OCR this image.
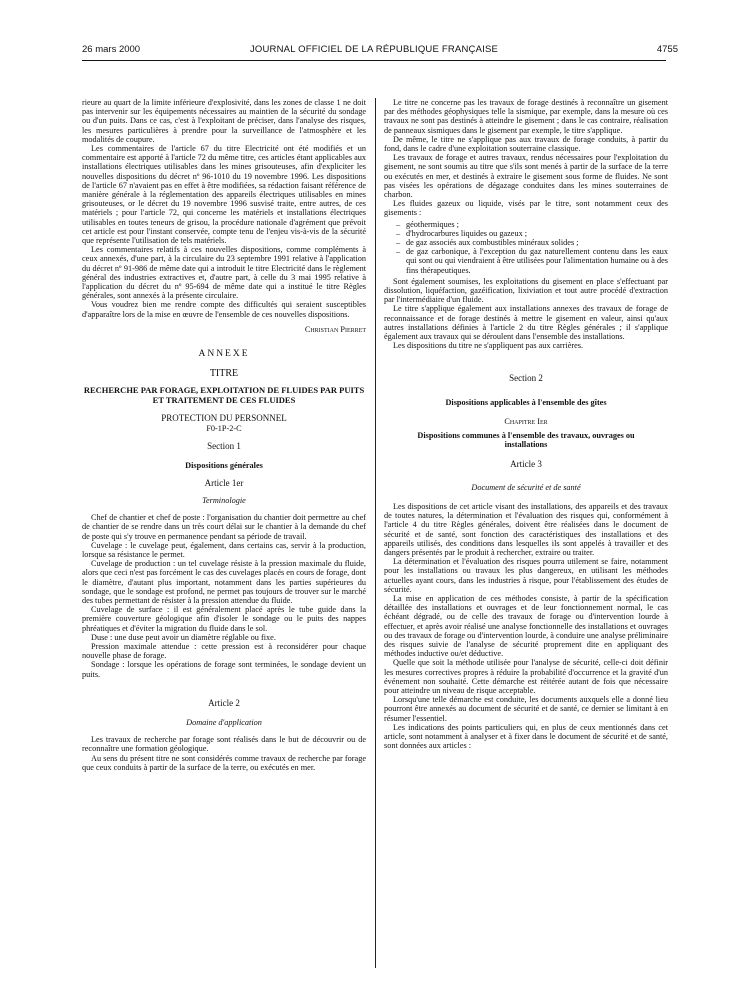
26 mars 2000	JOURNAL OFFICIEL DE LA RÉPUBLIQUE FRANÇAISE	4755

rieure au quart de la limite inférieure d'explosivité, dans les zones de classe 1 ne doit pas intervenir sur les équipements nécessaires au maintien de la sécurité du sondage ou d'un puits. Dans ce cas, c'est à l'exploitant de préciser, dans l'analyse des risques, les mesures particulières à prendre pour la surveillance de l'atmosphère et les modalités de coupure.

Les commentaires de l'article 67 du titre Electricité ont été modifiés et un commentaire est apporté à l'article 72 du même titre, ces articles étant applicables aux installations électriques utilisables dans les mines grisouteuses, afin d'expliciter les nouvelles dispositions du décret nº 96-1010 du 19 novembre 1996. Les dispositions de l'article 67 n'avaient pas en effet à être modifiées, sa rédaction faisant référence de manière générale à la réglementation des appareils électriques utilisables en mines grisouteuses, or le décret du 19 novembre 1996 susvisé traite, entre autres, de ces matériels ; pour l'article 72, qui concerne les matériels et installations électriques utilisables en toutes teneurs de grisou, la procédure nationale d'agrément que prévoit cet article est pour l'instant conservée, compte tenu de l'enjeu vis-à-vis de la sécurité que représente l'utilisation de tels matériels.

Les commentaires relatifs à ces nouvelles dispositions, comme compléments à ceux annexés, d'une part, à la circulaire du 23 septembre 1991 relative à l'application du décret nº 91-986 de même date qui a introduit le titre Electricité dans le règlement général des industries extractives et, d'autre part, à celle du 3 mai 1995 relative à l'application du décret du nº 95-694 de même date qui a institué le titre Règles générales, sont annexés à la présente circulaire.

Vous voudrez bien me rendre compte des difficultés qui seraient susceptibles d'apparaître lors de la mise en œuvre de l'ensemble de ces nouvelles dispositions.

Christian Pierret

ANNEXE

TITRE

RECHERCHE PAR FORAGE, EXPLOITATION DE FLUIDES PAR PUITS ET TRAITEMENT DE CES FLUIDES

PROTECTION DU PERSONNEL

F0-1P-2-C

Section 1

Dispositions générales

Article 1er

Terminologie

Chef de chantier et chef de poste : l'organisation du chantier doit permettre au chef de chantier de se rendre dans un très court délai sur le chantier à la demande du chef de poste qui s'y trouve en permanence pendant sa période de travail.

Cuvelage : le cuvelage peut, également, dans certains cas, servir à la production, lorsque sa résistance le permet.

Cuvelage de production : un tel cuvelage résiste à la pression maximale du fluide, alors que ceci n'est pas forcément le cas des cuvelages placés en cours de forage, dont le diamètre, d'autant plus important, notamment dans les parties supérieures du sondage, que le sondage est profond, ne permet pas toujours de trouver sur le marché des tubes permettant de résister à la pression attendue du fluide.

Cuvelage de surface : il est généralement placé après le tube guide dans la première couverture géologique afin d'isoler le sondage ou le puits des nappes phréatiques et d'éviter la migration du fluide dans le sol.

Duse : une duse peut avoir un diamètre réglable ou fixe.

Pression maximale attendue : cette pression est à reconsidérer pour chaque nouvelle phase de forage.

Sondage : lorsque les opérations de forage sont terminées, le sondage devient un puits.

Article 2

Domaine d'application

Les travaux de recherche par forage sont réalisés dans le but de découvrir ou de reconnaître une formation géologique.

Au sens du présent titre ne sont considérés comme travaux de recherche par forage que ceux conduits à partir de la surface de la terre, ou exécutés en mer.

Le titre ne concerne pas les travaux de forage destinés à reconnaître un gisement par des méthodes géophysiques telle la sismique, par exemple, dans la mesure où ces travaux ne sont pas destinés à atteindre le gisement ; dans le cas contraire, réalisation de panneaux sismiques dans le gisement par exemple, le titre s'applique.

De même, le titre ne s'applique pas aux travaux de forage conduits, à partir du fond, dans le cadre d'une exploitation souterraine classique.

Les travaux de forage et autres travaux, rendus nécessaires pour l'exploitation du gisement, ne sont soumis au titre que s'ils sont menés à partir de la surface de la terre ou exécutés en mer, et destinés à extraire le gisement sous forme de fluides. Ne sont pas visées les opérations de dégazage conduites dans les mines souterraines de charbon.

Les fluides gazeux ou liquide, visés par le titre, sont notamment ceux des gisements :

– géothermiques ;
– d'hydrocarbures liquides ou gazeux ;
– de gaz associés aux combustibles minéraux solides ;
– de gaz carbonique, à l'exception du gaz naturellement contenu dans les eaux qui sont ou qui viendraient à être utilisées pour l'alimentation humaine ou à des fins thérapeutiques.

Sont également soumises, les exploitations du gisement en place s'effectuant par dissolution, liquéfaction, gazéification, lixiviation et tout autre procédé d'extraction par l'intermédiaire d'un fluide.

Le titre s'applique également aux installations annexes des travaux de forage de reconnaissance et de forage destinés à mettre le gisement en valeur, ainsi qu'aux autres installations définies à l'article 2 du titre Règles générales ; il s'applique également aux travaux qui se déroulent dans l'ensemble des installations.

Les dispositions du titre ne s'appliquent pas aux carrières.

Section 2

Dispositions applicables à l'ensemble des gîtes

Chapitre Ier

Dispositions communes à l'ensemble des travaux, ouvrages ou installations

Article 3

Document de sécurité et de santé

Les dispositions de cet article visant des installations, des appareils et des travaux de toutes natures, la détermination et l'évaluation des risques qui, conformément à l'article 4 du titre Règles générales, doivent être réalisées dans le document de sécurité et de santé, sont fonction des caractéristiques des installations et des appareils utilisés, des conditions dans lesquelles ils sont appelés à travailler et des dangers présentés par le produit à rechercher, extraire ou traiter.

La détermination et l'évaluation des risques pourra utilement se faire, notamment pour les installations ou travaux les plus dangereux, en utilisant les méthodes actuelles ayant cours, dans les industries à risque, pour l'établissement des études de sécurité.

La mise en application de ces méthodes consiste, à partir de la spécification détaillée des installations et ouvrages et de leur fonctionnement normal, le cas échéant dégradé, ou de celle des travaux de forage ou d'intervention lourde à effectuer, et après avoir réalisé une analyse fonctionnelle des installations et ouvrages ou des travaux de forage ou d'intervention lourde, à conduire une analyse préliminaire des risques suivie de l'analyse de sécurité proprement dite en appliquant des méthodes inductive ou/et déductive.

Quelle que soit la méthode utilisée pour l'analyse de sécurité, celle-ci doit définir les mesures correctives propres à réduire la probabilité d'occurrence et la gravité d'un événement non souhaité. Cette démarche est réitérée autant de fois que nécessaire pour atteindre un niveau de risque acceptable.

Lorsqu'une telle démarche est conduite, les documents auxquels elle a donné lieu pourront être annexés au document de sécurité et de santé, ce dernier se limitant à en résumer l'essentiel.

Les indications des points particuliers qui, en plus de ceux mentionnés dans cet article, sont notamment à analyser et à fixer dans le document de sécurité et de santé, sont données aux articles :
